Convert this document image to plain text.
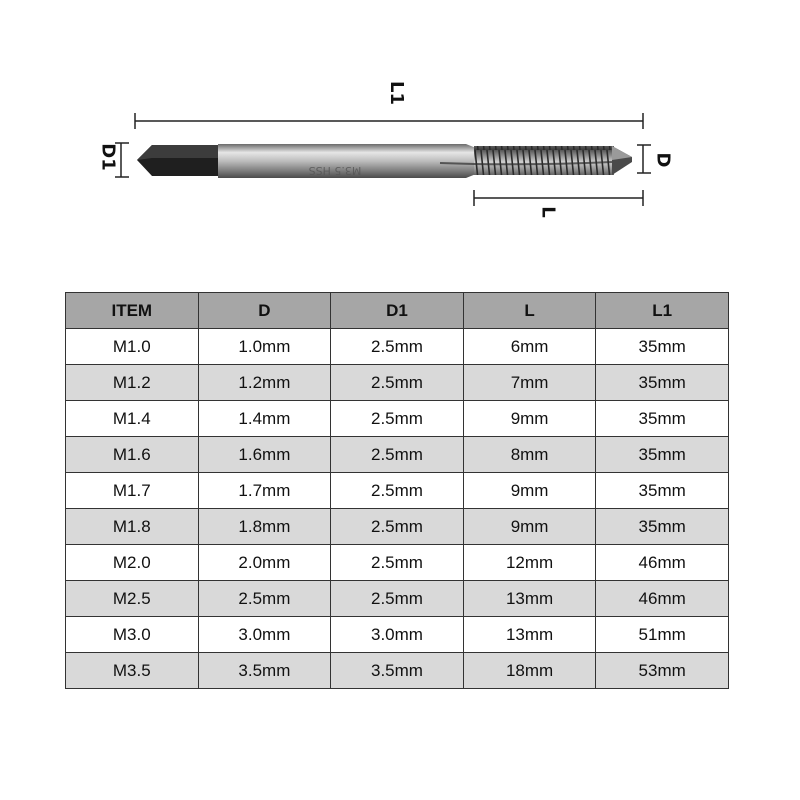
M3.5 HSS
L1
D1	D
L
ITEM	D	D1	L	L1
M1.0	1.0mm	2.5mm	6mm	35mm
M1.2	1.2mm	2.5mm	7mm	35mm
M1.4	1.4mm	2.5mm	9mm	35mm
M1.6	1.6mm	2.5mm	8mm	35mm
M1.7	1.7mm	2.5mm	9mm	35mm
M1.8	1.8mm	2.5mm	9mm	35mm
M2.0	2.0mm	2.5mm	12mm	46mm
M2.5	2.5mm	2.5mm	13mm	46mm
M3.0	3.0mm	3.0mm	13mm	51mm
M3.5	3.5mm	3.5mm	18mm	53mm
